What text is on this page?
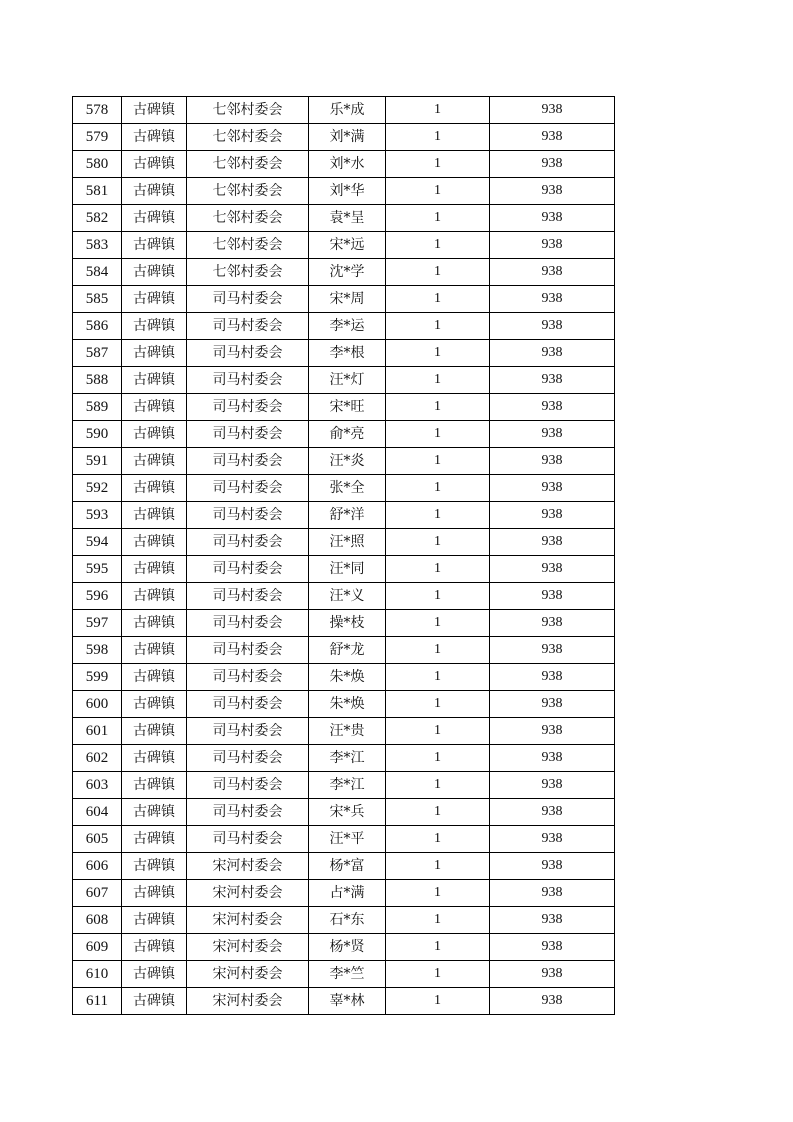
578	古碑镇	七邻村委会	乐*成	1	938
579	古碑镇	七邻村委会	刘*满	1	938
580	古碑镇	七邻村委会	刘*水	1	938
581	古碑镇	七邻村委会	刘*华	1	938
582	古碑镇	七邻村委会	袁*呈	1	938
583	古碑镇	七邻村委会	宋*远	1	938
584	古碑镇	七邻村委会	沈*学	1	938
585	古碑镇	司马村委会	宋*周	1	938
586	古碑镇	司马村委会	李*运	1	938
587	古碑镇	司马村委会	李*根	1	938
588	古碑镇	司马村委会	汪*灯	1	938
589	古碑镇	司马村委会	宋*旺	1	938
590	古碑镇	司马村委会	俞*亮	1	938
591	古碑镇	司马村委会	汪*炎	1	938
592	古碑镇	司马村委会	张*全	1	938
593	古碑镇	司马村委会	舒*洋	1	938
594	古碑镇	司马村委会	汪*照	1	938
595	古碑镇	司马村委会	汪*同	1	938
596	古碑镇	司马村委会	汪*义	1	938
597	古碑镇	司马村委会	操*枝	1	938
598	古碑镇	司马村委会	舒*龙	1	938
599	古碑镇	司马村委会	朱*焕	1	938
600	古碑镇	司马村委会	朱*焕	1	938
601	古碑镇	司马村委会	汪*贵	1	938
602	古碑镇	司马村委会	李*江	1	938
603	古碑镇	司马村委会	李*江	1	938
604	古碑镇	司马村委会	宋*兵	1	938
605	古碑镇	司马村委会	汪*平	1	938
606	古碑镇	宋河村委会	杨*富	1	938
607	古碑镇	宋河村委会	占*满	1	938
608	古碑镇	宋河村委会	石*东	1	938
609	古碑镇	宋河村委会	杨*贤	1	938
610	古碑镇	宋河村委会	李*竺	1	938
611	古碑镇	宋河村委会	辜*林	1	938
